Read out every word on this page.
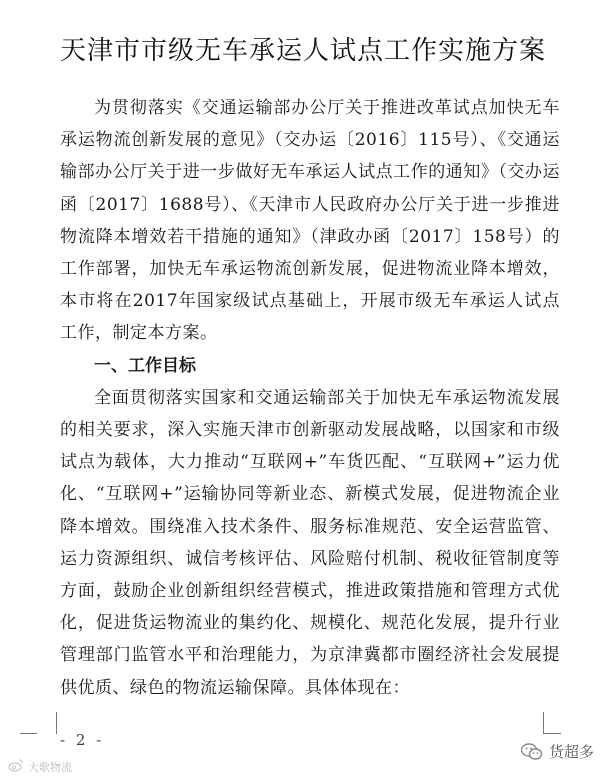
天津市市级无车承运人试点工作实施方案

为贯彻落实《交通运输部办公厅关于推进改革试点加快无车承运物流创新发展的意见》（交办运〔2016〕115号）、《交通运输部办公厅关于进一步做好无车承运人试点工作的通知》（交办运函〔2017〕1688号）、《天津市人民政府办公厅关于进一步推进物流降本增效若干措施的通知》（津政办函〔2017〕158号）的工作部署，加快无车承运物流创新发展，促进物流业降本增效，本市将在2017年国家级试点基础上，开展市级无车承运人试点工作，制定本方案。

一、工作目标

全面贯彻落实国家和交通运输部关于加快无车承运物流发展的相关要求，深入实施天津市创新驱动发展战略，以国家和市级试点为载体，大力推动“互联网+”车货匹配、“互联网+”运力优化、“互联网+”运输协同等新业态、新模式发展，促进物流企业降本增效。围绕准入技术条件、服务标准规范、安全运营监管、运力资源组织、诚信考核评估、风险赔付机制、税收征管制度等方面，鼓励企业创新组织经营模式，推进政策措施和管理方式优化，促进货运物流业的集约化、规模化、规范化发展，提升行业管理部门监管水平和治理能力，为京津冀都市圈经济社会发展提供优质、绿色的物流运输保障。具体体现在：

- 2 -
货超多
大歌物流
